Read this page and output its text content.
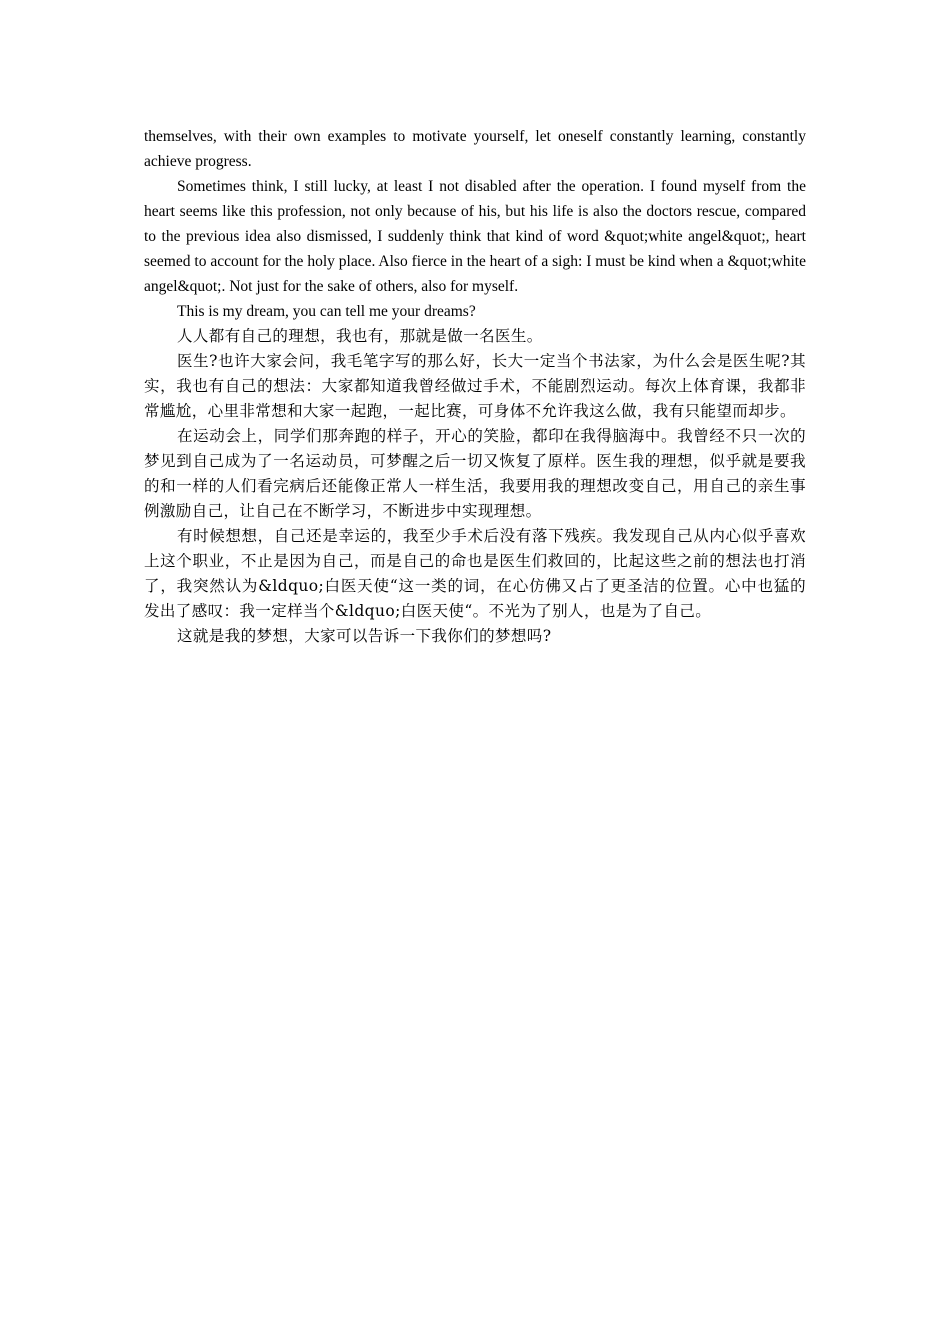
themselves, with their own examples to motivate yourself, let oneself constantly learning, constantly achieve progress.

Sometimes think, I still lucky, at least I not disabled after the operation. I found myself from the heart seems like this profession, not only because of his, but his life is also the doctors rescue, compared to the previous idea also dismissed, I suddenly think that kind of word &quot;white angel&quot;, heart seemed to account for the holy place. Also fierce in the heart of a sigh: I must be kind when a &quot;white angel&quot;. Not just for the sake of others, also for myself.

This is my dream, you can tell me your dreams?

人人都有自己的理想，我也有，那就是做一名医生。

医生?也许大家会问，我毛笔字写的那么好，长大一定当个书法家，为什么会是医生呢?其实，我也有自己的想法：大家都知道我曾经做过手术，不能剧烈运动。每次上体育课，我都非常尴尬，心里非常想和大家一起跑，一起比赛，可身体不允许我这么做，我有只能望而却步。

在运动会上，同学们那奔跑的样子，开心的笑脸，都印在我得脑海中。我曾经不只一次的梦见到自己成为了一名运动员，可梦醒之后一切又恢复了原样。医生我的理想，似乎就是要我的和一样的人们看完病后还能像正常人一样生活，我要用我的理想改变自己，用自己的亲生事例激励自己，让自己在不断学习，不断进步中实现理想。

有时候想想，自己还是幸运的，我至少手术后没有落下残疾。我发现自己从内心似乎喜欢上这个职业，不止是因为自己，而是自己的命也是医生们救回的，比起这些之前的想法也打消了，我突然认为&ldquo;白医天使“这一类的词，在心仿佛又占了更圣洁的位置。心中也猛的发出了感叹：我一定样当个&ldquo;白医天使“。不光为了别人，也是为了自己。

这就是我的梦想，大家可以告诉一下我你们的梦想吗?
